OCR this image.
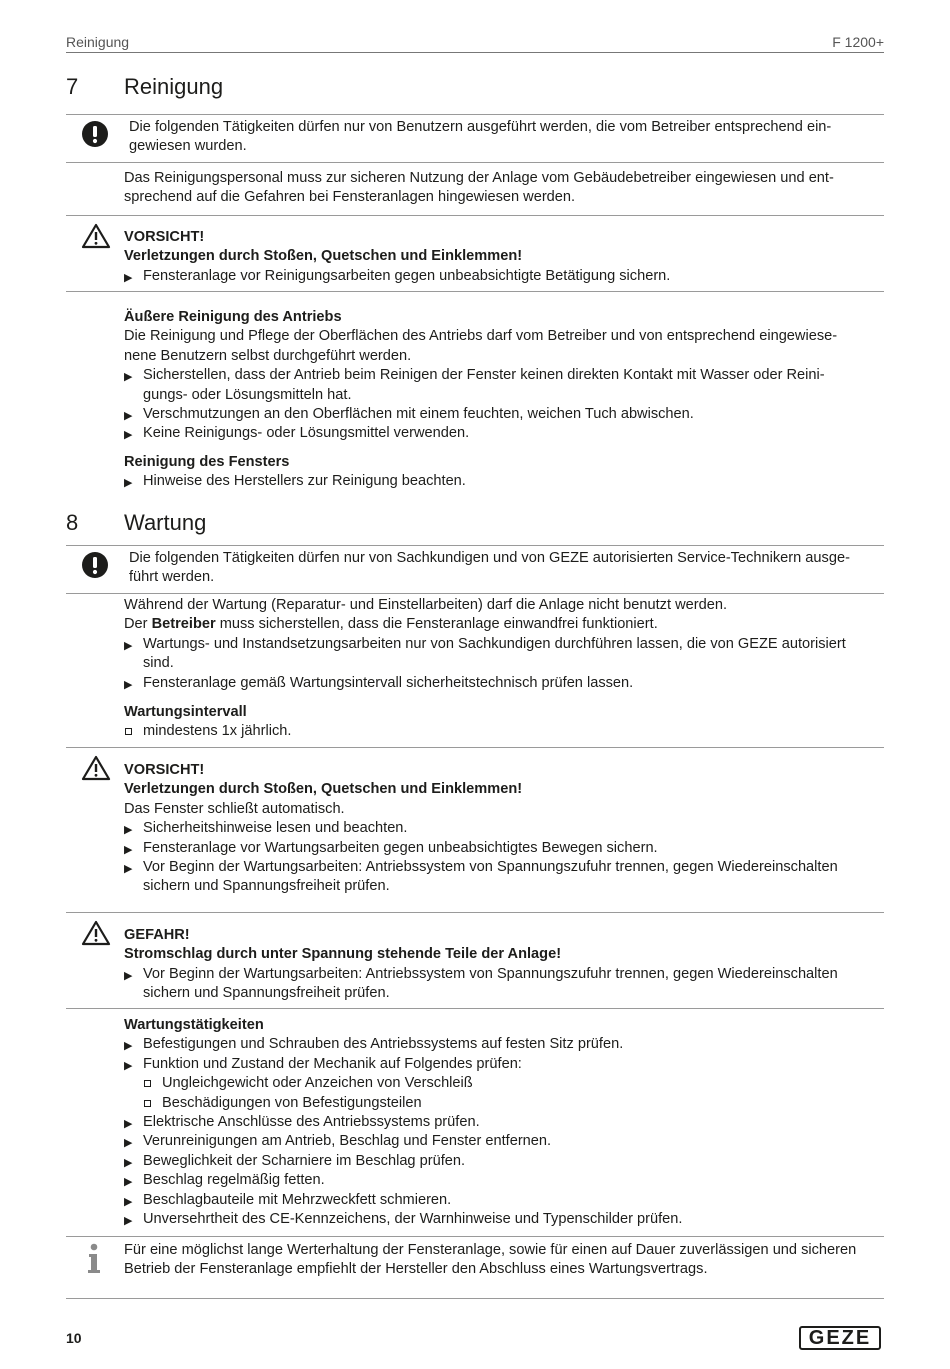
Reinigung	F 1200+
7 Reinigung
Die folgenden Tätigkeiten dürfen nur von Benutzern ausgeführt werden, die vom Betreiber entsprechend ein-
gewiesen wurden.
Das Reinigungspersonal muss zur sicheren Nutzung der Anlage vom Gebäudebetreiber eingewiesen und ent-
sprechend auf die Gefahren bei Fensteranlagen hingewiesen werden.
VORSICHT!
Verletzungen durch Stoßen, Quetschen und Einklemmen!
▶ Fensteranlage vor Reinigungsarbeiten gegen unbeabsichtigte Betätigung sichern.
Äußere Reinigung des Antriebs
Die Reinigung und Pflege der Oberflächen des Antriebs darf vom Betreiber und von entsprechend eingewiese-
nene Benutzern selbst durchgeführt werden.
▶ Sicherstellen, dass der Antrieb beim Reinigen der Fenster keinen direkten Kontakt mit Wasser oder Reini-
gungs- oder Lösungsmitteln hat.
▶ Verschmutzungen an den Oberflächen mit einem feuchten, weichen Tuch abwischen.
▶ Keine Reinigungs- oder Lösungsmittel verwenden.
Reinigung des Fensters
▶ Hinweise des Herstellers zur Reinigung beachten.
8 Wartung
Die folgenden Tätigkeiten dürfen nur von Sachkundigen und von GEZE autorisierten Service-Technikern ausge-
führt werden.
Während der Wartung (Reparatur- und Einstellarbeiten) darf die Anlage nicht benutzt werden.
Der Betreiber muss sicherstellen, dass die Fensteranlage einwandfrei funktioniert.
▶ Wartungs- und Instandsetzungsarbeiten nur von Sachkundigen durchführen lassen, die von GEZE autorisiert
sind.
▶ Fensteranlage gemäß Wartungsintervall sicherheitstechnisch prüfen lassen.
Wartungsintervall
mindestens 1x jährlich.
VORSICHT!
Verletzungen durch Stoßen, Quetschen und Einklemmen!
Das Fenster schließt automatisch.
▶ Sicherheitshinweise lesen und beachten.
▶ Fensteranlage vor Wartungsarbeiten gegen unbeabsichtigtes Bewegen sichern.
▶ Vor Beginn der Wartungsarbeiten: Antriebssystem von Spannungszufuhr trennen, gegen Wiedereinschalten
sichern und Spannungsfreiheit prüfen.
GEFAHR!
Stromschlag durch unter Spannung stehende Teile der Anlage!
▶ Vor Beginn der Wartungsarbeiten: Antriebssystem von Spannungszufuhr trennen, gegen Wiedereinschalten
sichern und Spannungsfreiheit prüfen.
Wartungstätigkeiten
▶ Befestigungen und Schrauben des Antriebssystems auf festen Sitz prüfen.
▶ Funktion und Zustand der Mechanik auf Folgendes prüfen:
Ungleichgewicht oder Anzeichen von Verschleiß
Beschädigungen von Befestigungsteilen
▶ Elektrische Anschlüsse des Antriebssystems prüfen.
▶ Verunreinigungen am Antrieb, Beschlag und Fenster entfernen.
▶ Beweglichkeit der Scharniere im Beschlag prüfen.
▶ Beschlag regelmäßig fetten.
▶ Beschlagbauteile mit Mehrzweckfett schmieren.
▶ Unversehrtheit des CE-Kennzeichens, der Warnhinweise und Typenschilder prüfen.
Für eine möglichst lange Werterhaltung der Fensteranlage, sowie für einen auf Dauer zuverlässigen und sicheren
Betrieb der Fensteranlage empfiehlt der Hersteller den Abschluss eines Wartungsvertrags.
10	GEZE
